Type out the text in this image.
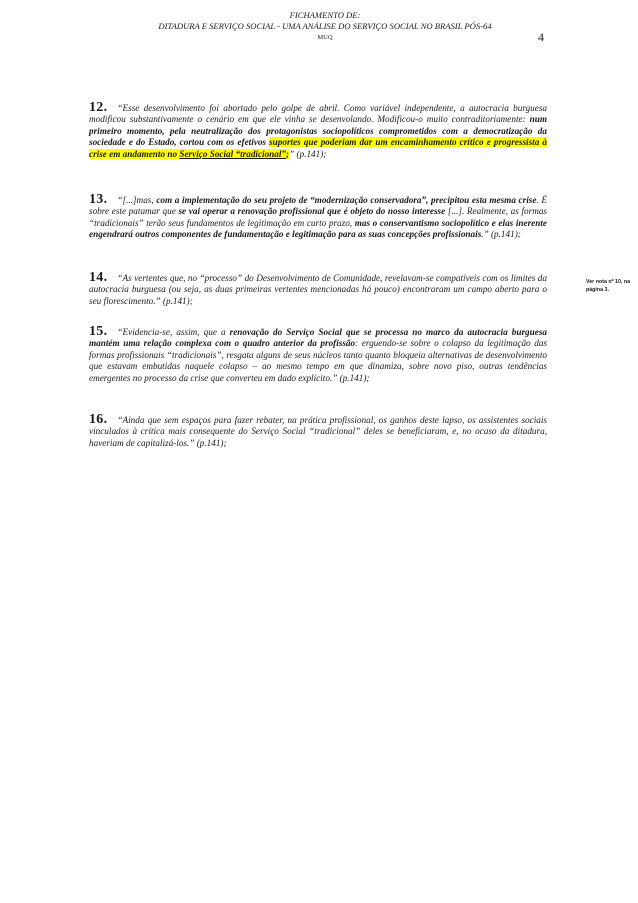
FICHAMENTO DE:
DITADURA E SERVIÇO SOCIAL - UMA ANÁLISE DO SERVIÇO SOCIAL NO BRASIL PÓS-64
MUQ	4
12. “Esse desenvolvimento foi abortado pelo golpe de abril. Como variável independente, a autocracia burguesa modificou substantivamente o cenário em que ele vinha se desenvolando. Modificou-o muito contraditoriamente: num primeiro momento, pela neutralização dos protagonistas sociopolíticos comprometidos com a democratização da sociedade e do Estado, cortou com os efetivos suportes que poderiam dar um encaminhamento crítico e progressista à crise em andamento no Serviço Social “tradicional”;” (p.141);
13. “[...]mas, com a implementação do seu projeto de “modernização conservadora”, precipitou esta mesma crise. É sobre este patamar que se vai operar a renovação profissional que é objeto do nosso interesse [...]. Realmente, as formas “tradicionais” terão seus fundamentos de legitimação em curto prazo, mas o conservantismo sociopolítico e elas inerente engendrará outros componentes de fundamentação e legitimação para as suas concepções profissionais.” (p.141);
14. “As vertentes que, no “processo” do Desenvolvimento de Comunidade, revelavam-se compatíveis com os limites da autocracia burguesa (ou seja, as duas primeiras vertentes mencionadas há pouco) encontraram um campo aberto para o seu florescimento.” (p.141);
15. “Evidencia-se, assim, que a renovação do Serviço Social que se processa no marco da autocracia burguesa mantém uma relação complexa com o quadro anterior da profissão: erguendo-se sobre o colapso da legitimação das formas profissionais “tradicionais”, resgata alguns de seus núcleos tanto quanto bloqueia alternativas de desenvolvimento que estavam embutidas naquele colapso – ao mesmo tempo em que dinamiza, sobre novo piso, outras tendências emergentes no processo da crise que converteu em dado explícito.” (p.141);
16. “Ainda que sem espaços para fazer rebater, na prática profissional, os ganhos deste lapso, os assistentes sociais vinculados à crítica mais consequente do Serviço Social “tradicional” deles se beneficiaram, e, no ocaso da ditadura, haveriam de capitalizá-los.” (p.141);
Ver nota nº 10, na página 3.
